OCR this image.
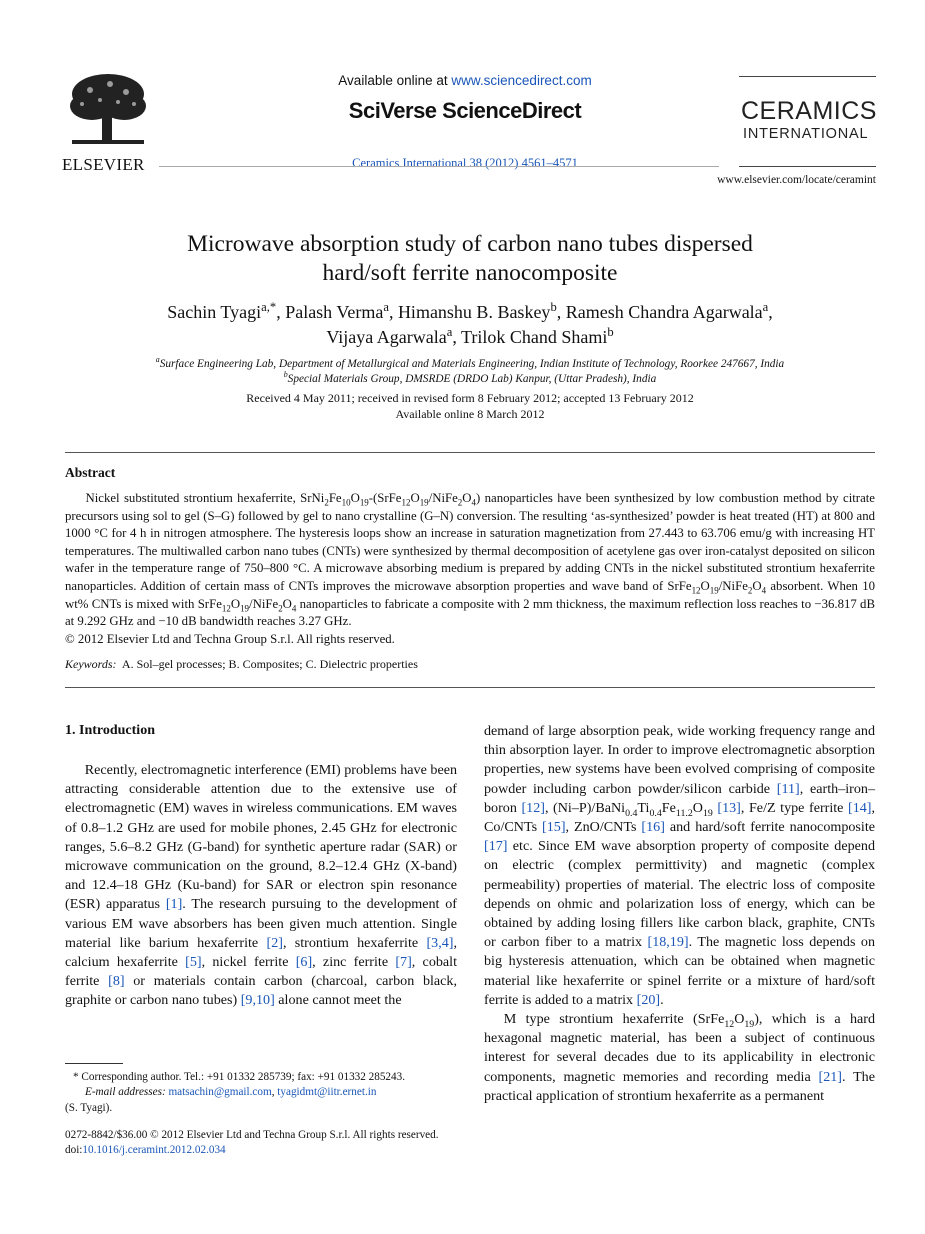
ELSEVIER
Available online at www.sciencedirect.com
SciVerse ScienceDirect
Ceramics International 38 (2012) 4561–4571
CERAMICS
INTERNATIONAL
www.elsevier.com/locate/ceramint
Microwave absorption study of carbon nano tubes dispersed
hard/soft ferrite nanocomposite
Sachin Tyagi$^{a,*}$, Palash Verma$^a$, Himanshu B. Baskey$^b$, Ramesh Chandra Agarwala$^a$,
Vijaya Agarwala$^a$, Trilok Chand Shami$^b$
$^a$Surface Engineering Lab, Department of Metallurgical and Materials Engineering, Indian Institute of Technology, Roorkee 247667, India
$^b$Special Materials Group, DMSRDE (DRDO Lab) Kanpur, (Uttar Pradesh), India
Received 4 May 2011; received in revised form 8 February 2012; accepted 13 February 2012
Available online 8 March 2012
Abstract

Nickel substituted strontium hexaferrite, $SrNi_2Fe_{10}O_{19}-(SrFe_{12}O_{19}/NiFe_2O_4)$ nanoparticles have been synthesized by low combustion method by citrate precursors using sol to gel (S–G) followed by gel to nano crystalline (G–N) conversion. The resulting ‘as-synthesized’ powder is heat treated (HT) at 800 and 1000 °C for 4 h in nitrogen atmosphere. The hysteresis loops show an increase in saturation magnetization from 27.443 to 63.706 emu/g with increasing HT temperatures. The multiwalled carbon nano tubes (CNTs) were synthesized by thermal decomposition of acetylene gas over iron-catalyst deposited on silicon wafer in the temperature range of 750–800 °C. A microwave absorbing medium is prepared by adding CNTs in the nickel substituted strontium hexaferrite nanoparticles. Addition of certain mass of CNTs improves the microwave absorption properties and wave band of $SrFe_{12}O_{19}/NiFe_2O_4$ absorbent. When 10 wt% CNTs is mixed with $SrFe_{12}O_{19}/NiFe_2O_4$ nanoparticles to fabricate a composite with 2 mm thickness, the maximum reflection loss reaches to −36.817 dB at 9.292 GHz and −10 dB bandwidth reaches 3.27 GHz.
© 2012 Elsevier Ltd and Techna Group S.r.l. All rights reserved.

Keywords: A. Sol–gel processes; B. Composites; C. Dielectric properties
1. Introduction

Recently, electromagnetic interference (EMI) problems have been attracting considerable attention due to the extensive use of electromagnetic (EM) waves in wireless communications. EM waves of 0.8–1.2 GHz are used for mobile phones, 2.45 GHz for electronic ranges, 5.6–8.2 GHz (G-band) for synthetic aperture radar (SAR) or microwave communication on the ground, 8.2–12.4 GHz (X-band) and 12.4–18 GHz (Ku-band) for SAR or electron spin resonance (ESR) apparatus [1]. The research pursuing to the development of various EM wave absorbers has been given much attention. Single material like barium hexaferrite [2], strontium hexaferrite [3,4], calcium hexaferrite [5], nickel ferrite [6], zinc ferrite [7], cobalt ferrite [8] or materials contain carbon (charcoal, carbon black, graphite or carbon nano tubes) [9,10] alone cannot meet the

* Corresponding author. Tel.: +91 01332 285739; fax: +91 01332 285243.
E-mail addresses: matsachin@gmail.com, tyagidmt@iitr.ernet.in
(S. Tyagi).
0272-8842/$36.00 © 2012 Elsevier Ltd and Techna Group S.r.l. All rights reserved.
doi:10.1016/j.ceramint.2012.02.034

demand of large absorption peak, wide working frequency range and thin absorption layer. In order to improve electromagnetic absorption properties, new systems have been evolved comprising of composite powder including carbon powder/silicon carbide [11], earth–iron–boron [12], $(Ni-P)/BaNi_{0.4}Ti_{0.4}Fe_{11.2}O_{19}$ [13], Fe/Z type ferrite [14], Co/CNTs [15], ZnO/CNTs [16] and hard/soft ferrite nanocomposite [17] etc. Since EM wave absorption property of composite depend on electric (complex permittivity) and magnetic (complex permeability) properties of material. The electric loss of composite depends on ohmic and polarization loss of energy, which can be obtained by adding losing fillers like carbon black, graphite, CNTs or carbon fiber to a matrix [18,19]. The magnetic loss depends on big hysteresis attenuation, which can be obtained when magnetic material like hexaferrite or spinel ferrite or a mixture of hard/soft ferrite is added to a matrix [20].

M type strontium hexaferrite $(SrFe_{12}O_{19})$, which is a hard hexagonal magnetic material, has been a subject of continuous interest for several decades due to its applicability in electronic components, magnetic memories and recording media [21]. The practical application of strontium hexaferrite as a permanent
